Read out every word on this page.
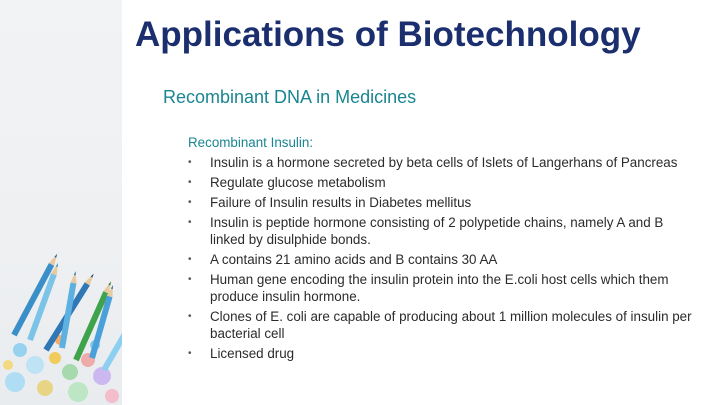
Applications of Biotechnology
Recombinant DNA in Medicines
Recombinant Insulin:
• Insulin is a hormone secreted by beta cells of Islets of Langerhans of Pancreas
• Regulate glucose metabolism
• Failure of Insulin results in Diabetes mellitus
• Insulin is peptide hormone consisting of 2 polypetide chains, namely A and B linked by disulphide bonds.
• A contains 21 amino acids and B contains 30 AA
• Human gene encoding the insulin protein into the E.coli host cells which them produce insulin hormone.
• Clones of E. coli are capable of producing about 1 million molecules of insulin per bacterial cell
• Licensed drug
